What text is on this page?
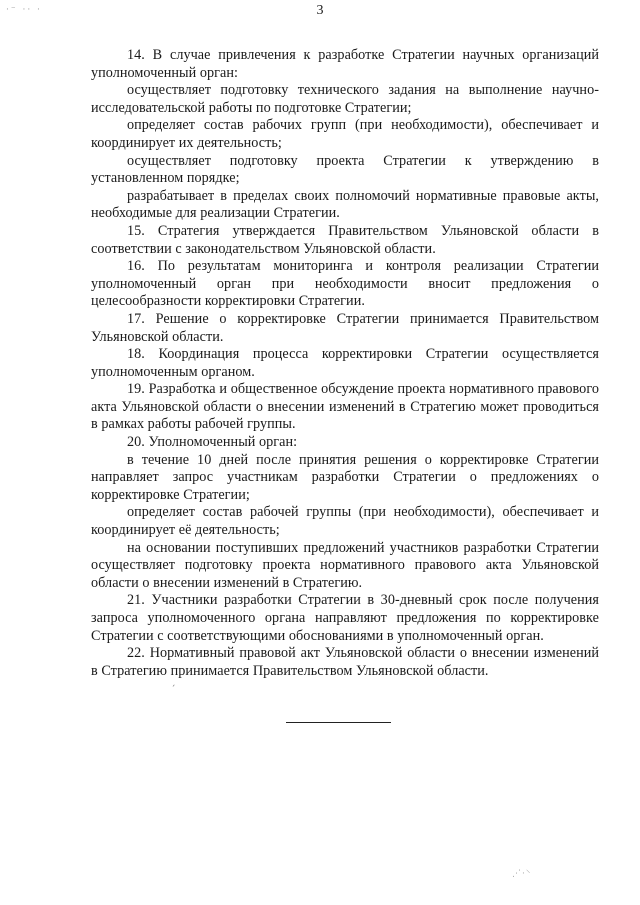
·⁻ ·· ·	3

14. В случае привлечения к разработке Стратегии научных организаций уполномоченный орган:

осуществляет подготовку технического задания на выполнение научно-исследовательской работы по подготовке Стратегии;

определяет состав рабочих групп (при необходимости), обеспечивает и координирует их деятельность;

осуществляет подготовку проекта Стратегии к утверждению в установленном порядке;

разрабатывает в пределах своих полномочий нормативные правовые акты, необходимые для реализации Стратегии.

15. Стратегия утверждается Правительством Ульяновской области в соответствии с законодательством Ульяновской области.

16. По результатам мониторинга и контроля реализации Стратегии уполномоченный орган при необходимости вносит предложения о целесообразности корректировки Стратегии.

17. Решение о корректировке Стратегии принимается Правительством Ульяновской области.

18. Координация процесса корректировки Стратегии осуществляется уполномоченным органом.

19. Разработка и общественное обсуждение проекта нормативного правового акта Ульяновской области о внесении изменений в Стратегию может проводиться в рамках работы рабочей группы.

20. Уполномоченный орган:

в течение 10 дней после принятия решения о корректировке Стратегии направляет запрос участникам разработки Стратегии о предложениях о корректировке Стратегии;

определяет состав рабочей группы (при необходимости), обеспечивает и координирует её деятельность;

на основании поступивших предложений участников разработки Стратегии осуществляет подготовку проекта нормативного правового акта Ульяновской области о внесении изменений в Стратегию.

21. Участники разработки Стратегии в 30-дневный срок после получения запроса уполномоченного органа направляют предложения по корректировке Стратегии с соответствующими обоснованиями в уполномоченный орган.

22. Нормативный правовой акт Ульяновской области о внесении изменений в Стратегию принимается Правительством Ульяновской области.

ˊ
⋰·⸌
